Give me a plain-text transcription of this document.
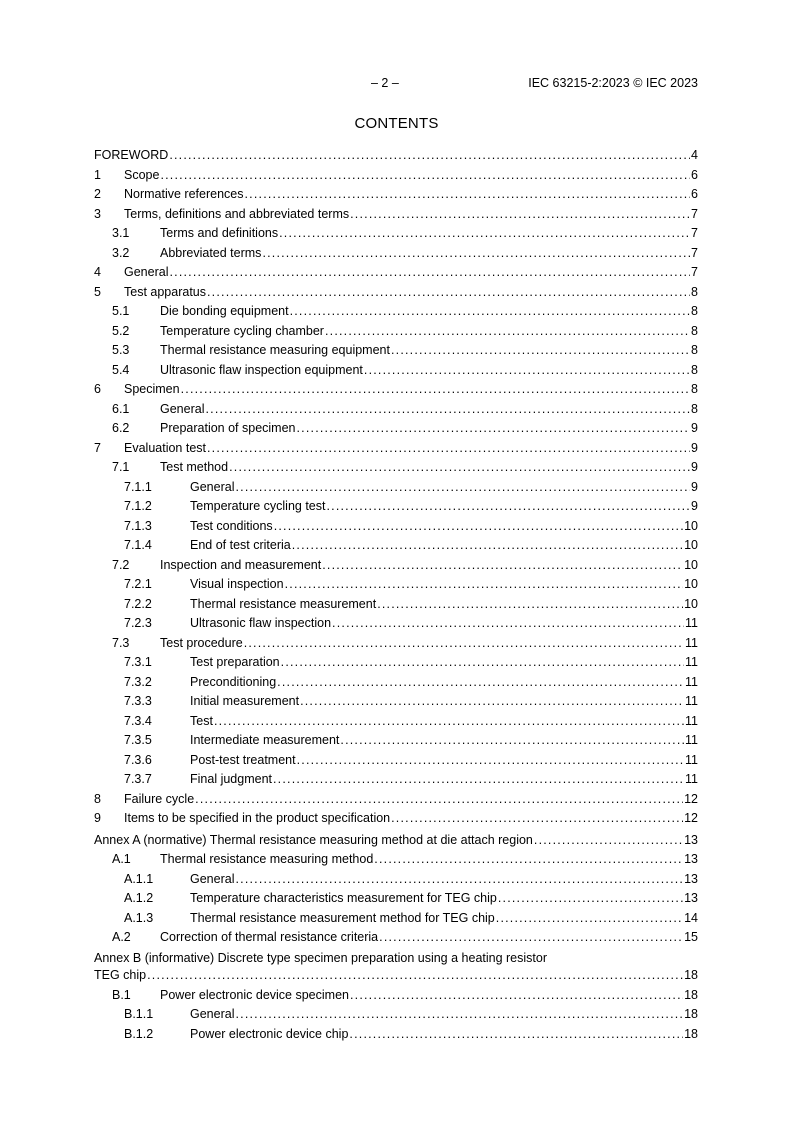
– 2 –	IEC 63215-2:2023 © IEC 2023
CONTENTS
FOREWORD .....	4
1	Scope .....	6
2	Normative references .....	6
3	Terms, definitions and abbreviated terms .....	7
3.1	Terms and definitions .....	7
3.2	Abbreviated terms .....	7
4	General .....	7
5	Test apparatus .....	8
5.1	Die bonding equipment .....	8
5.2	Temperature cycling chamber .....	8
5.3	Thermal resistance measuring equipment .....	8
5.4	Ultrasonic flaw inspection equipment .....	8
6	Specimen .....	8
6.1	General .....	8
6.2	Preparation of specimen .....	9
7	Evaluation test .....	9
7.1	Test method .....	9
7.1.1	General .....	9
7.1.2	Temperature cycling test .....	9
7.1.3	Test conditions .....	10
7.1.4	End of test criteria .....	10
7.2	Inspection and measurement .....	10
7.2.1	Visual inspection .....	10
7.2.2	Thermal resistance measurement .....	10
7.2.3	Ultrasonic flaw inspection .....	11
7.3	Test procedure .....	11
7.3.1	Test preparation .....	11
7.3.2	Preconditioning .....	11
7.3.3	Initial measurement .....	11
7.3.4	Test .....	11
7.3.5	Intermediate measurement .....	11
7.3.6	Post-test treatment .....	11
7.3.7	Final judgment .....	11
8	Failure cycle .....	12
9	Items to be specified in the product specification .....	12
Annex A (normative) Thermal resistance measuring method at die attach region .....	13
A.1	Thermal resistance measuring method .....	13
A.1.1	General .....	13
A.1.2	Temperature characteristics measurement for TEG chip .....	13
A.1.3	Thermal resistance measurement method for TEG chip .....	14
A.2	Correction of thermal resistance criteria .....	15
Annex B (informative) Discrete type specimen preparation using a heating resistor
TEG chip .....	18
B.1	Power electronic device specimen .....	18
B.1.1	General .....	18
B.1.2	Power electronic device chip .....	18
